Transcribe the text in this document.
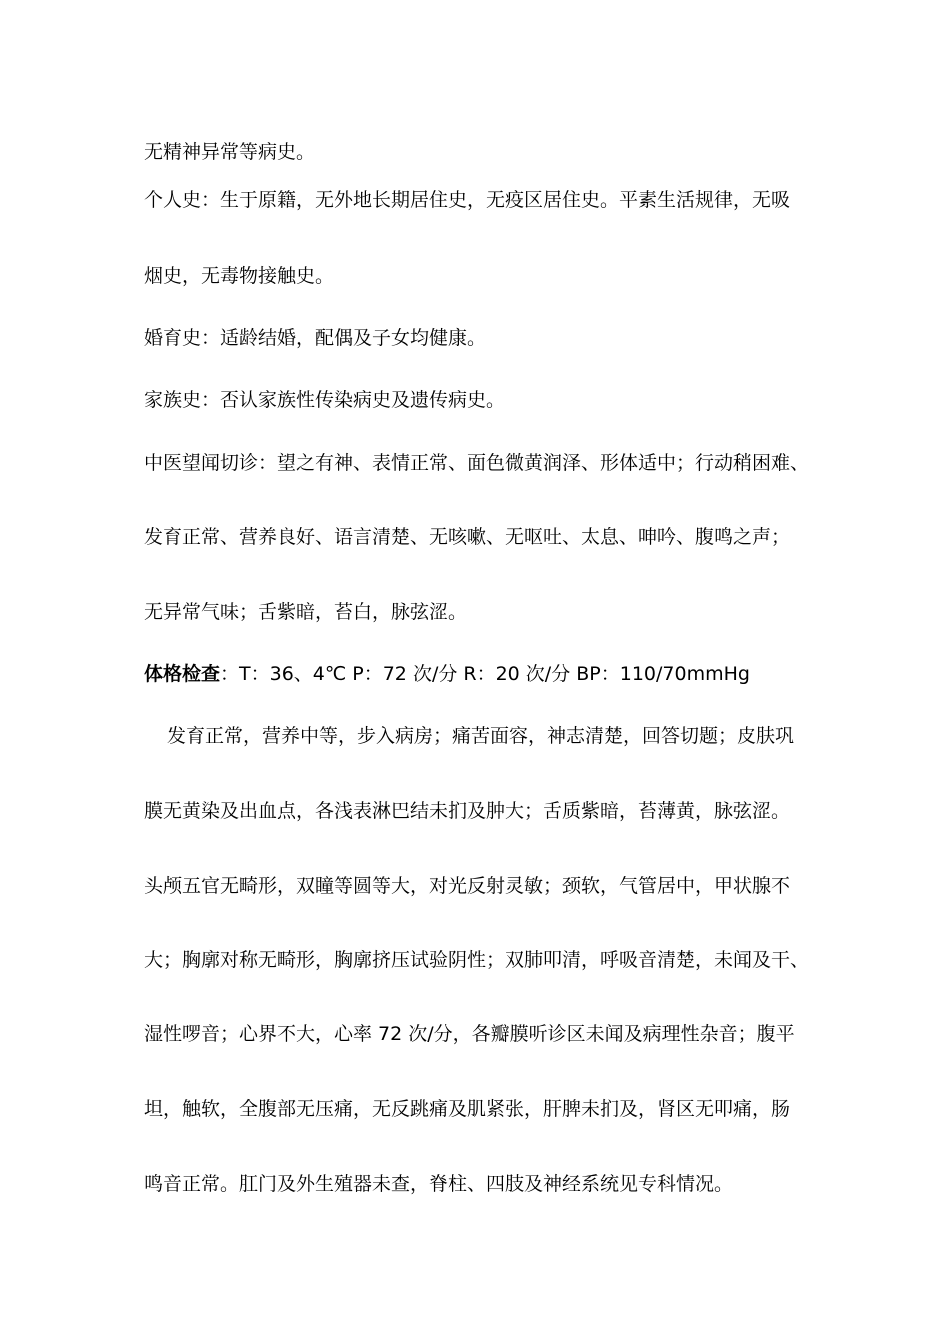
无精神异常等病史。
个人史：生于原籍，无外地长期居住史，无疫区居住史。平素生活规律，无吸
烟史，无毒物接触史。
婚育史：适龄结婚，配偶及子女均健康。
家族史：否认家族性传染病史及遗传病史。
中医望闻切诊：望之有神、表情正常、面色微黄润泽、形体适中；行动稍困难、
发育正常、营养良好、语言清楚、无咳嗽、无呕吐、太息、呻吟、腹鸣之声；
无异常气味；舌紫暗，苔白，脉弦涩。
体格检查：T：36、4℃ P：72 次/分 R：20 次/分 BP：110/70mmHg
发育正常，营养中等，步入病房；痛苦面容，神志清楚，回答切题；皮肤巩
膜无黄染及出血点，各浅表淋巴结未扪及肿大；舌质紫暗，苔薄黄，脉弦涩。
头颅五官无畸形，双瞳等圆等大，对光反射灵敏；颈软，气管居中，甲状腺不
大；胸廓对称无畸形，胸廓挤压试验阴性；双肺叩清，呼吸音清楚，未闻及干、
湿性啰音；心界不大，心率 72 次/分，各瓣膜听诊区未闻及病理性杂音；腹平
坦，触软，全腹部无压痛，无反跳痛及肌紧张，肝脾未扪及，肾区无叩痛，肠
鸣音正常。肛门及外生殖器未查，脊柱、四肢及神经系统见专科情况。
